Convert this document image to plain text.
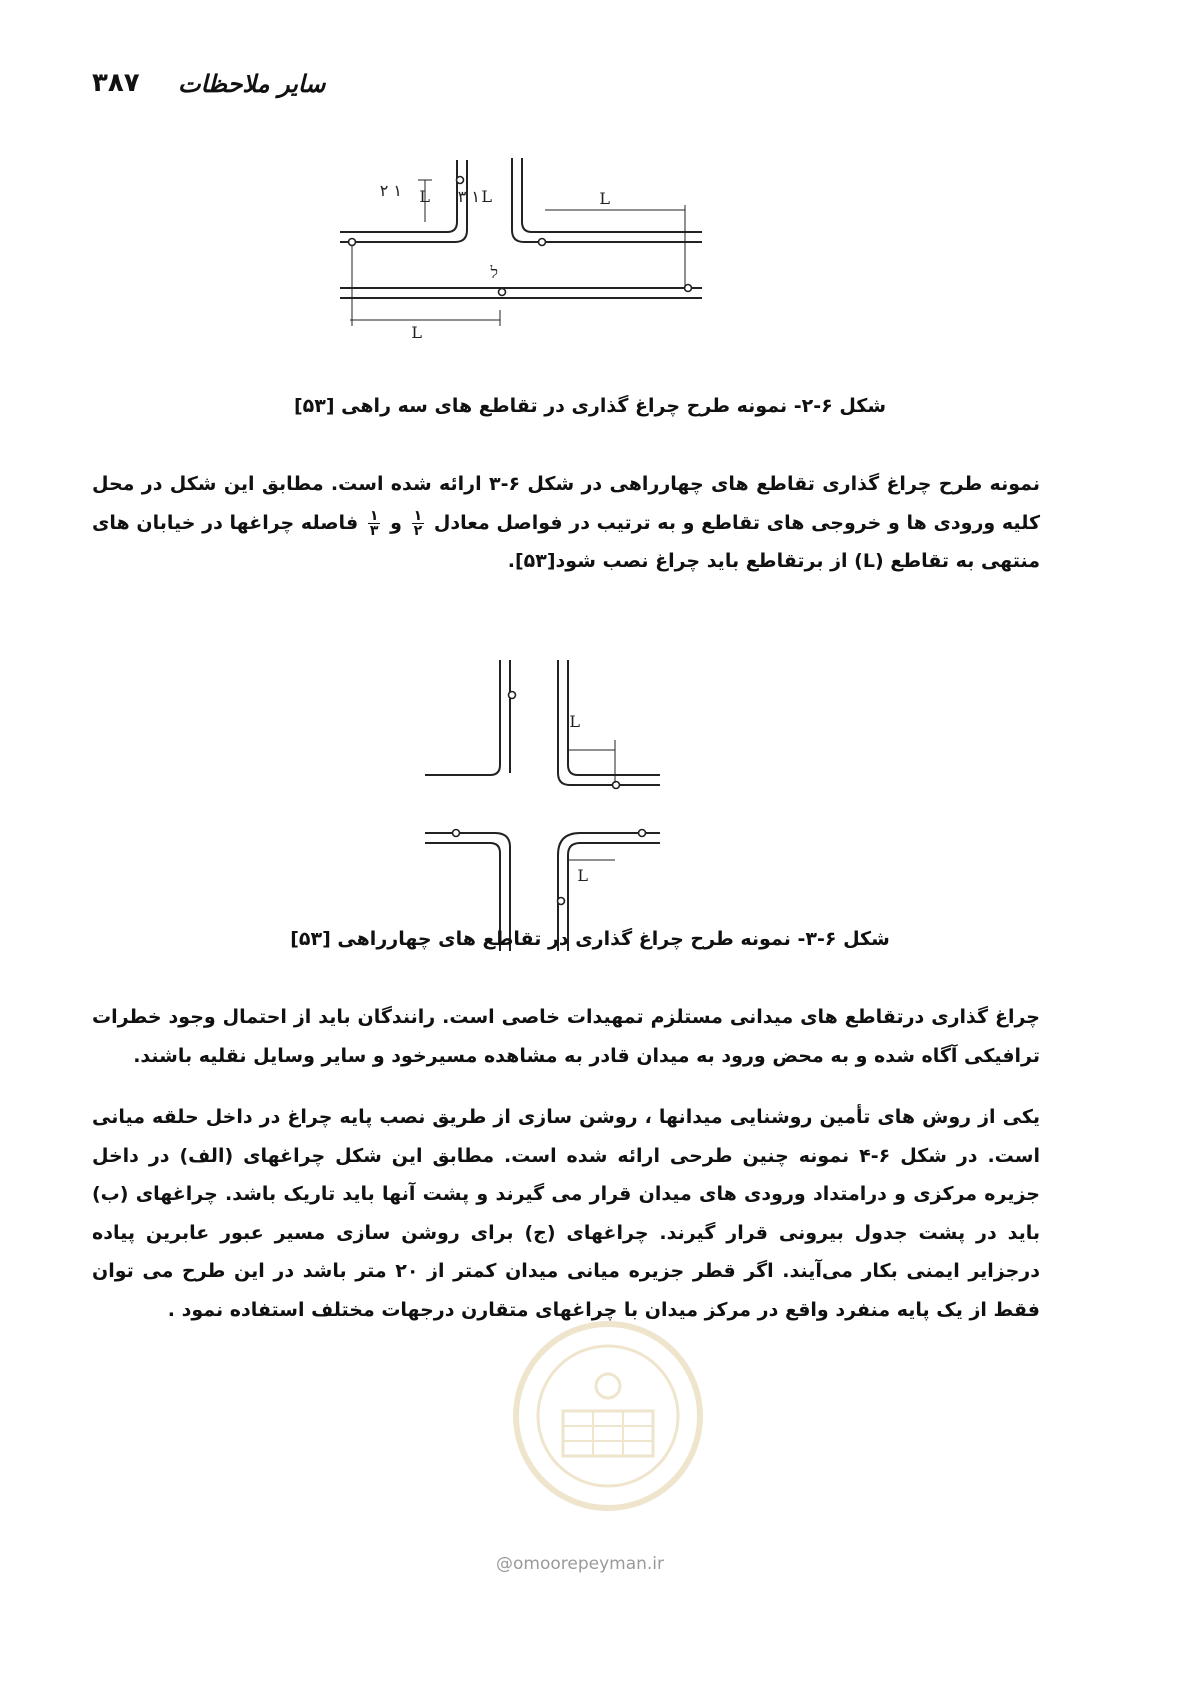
۳۸۷ سایر ملاحظات
۱ ۲ L ۱ ۳ L	L
L
ל
شکل ۶-۲- نمونه طرح چراغ گذاری در تقاطع های سه راهی [۵۳]
نمونه طرح چراغ گذاری تقاطع های چهارراهی در شکل ۶-۳ ارائه شده است. مطابق این شکل در محل کلیه ورودی ها و خروجی های تقاطع و به ترتیب در فواصل معادل
$\frac{۱}{۲}$
و
$\frac{۱}{۳}$
فاصله چراغها در خیابان های منتهی به تقاطع (L) از برتقاطع باید چراغ نصب شود[۵۳].
L
L
شکل ۶-۳- نمونه طرح چراغ گذاری در تقاطع های چهارراهی [۵۳]
چراغ گذاری درتقاطع های میدانی مستلزم تمهیدات خاصی است. رانندگان باید از احتمال وجود خطرات ترافیکی آگاه شده و به محض ورود به میدان قادر به مشاهده مسیرخود و سایر وسایل نقلیه باشند.
یکی از روش های تأمین روشنایی میدانها ، روشن سازی از طریق نصب پایه چراغ در داخل حلقه میانی است. در شکل ۶-۴ نمونه چنین طرحی ارائه شده است. مطابق این شکل چراغهای (الف) در داخل جزیره مرکزی و درامتداد ورودی های میدان قرار می گیرند و پشت آنها باید تاریک باشد. چراغهای (ب) باید در پشت جدول بیرونی قرار گیرند. چراغهای (ج) برای روشن سازی مسیر عبور عابرین پیاده درجزایر ایمنی بکار می‌آیند. اگر قطر جزیره میانی میدان کمتر از ۲۰ متر باشد در این طرح می توان فقط از یک پایه منفرد واقع در مرکز میدان با چراغهای متقارن درجهات مختلف استفاده نمود .
@omoorepeyman.ir
